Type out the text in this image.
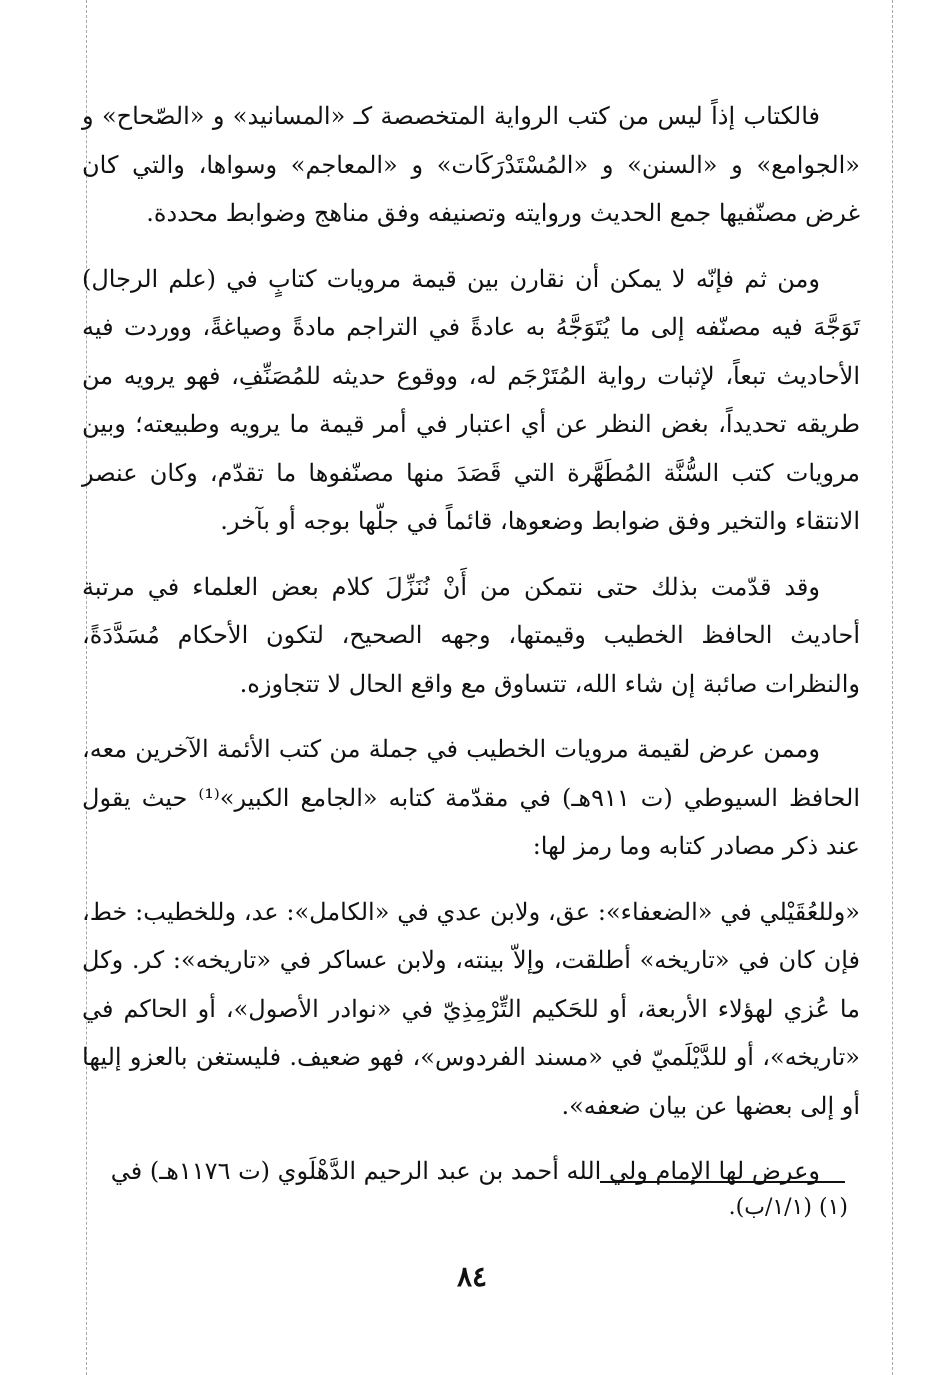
فالكتاب إذاً ليس من كتب الرواية المتخصصة كـ «المسانيد» و «الصّحاح» و «الجوامع» و «السنن» و «المُسْتَدْرَكَات» و «المعاجم» وسواها، والتي كان غرض مصنّفيها جمع الحديث وروايته وتصنيفه وفق مناهج وضوابط محددة.

ومن ثم فإنّه لا يمكن أن نقارن بين قيمة مرويات كتابٍ في (علم الرجال) تَوَجَّهَ فيه مصنّفه إلى ما يُتَوَجَّهُ به عادةً في التراجم مادةً وصياغةً، ووردت فيه الأحاديث تبعاً، لإثبات رواية المُتَرْجَم له، ووقوع حديثه للمُصَنِّفِ، فهو يرويه من طريقه تحديداً، بغض النظر عن أي اعتبار في أمر قيمة ما يرويه وطبيعته؛ وبين مرويات كتب السُّنَّة المُطَهَّرة التي قَصَدَ منها مصنّفوها ما تقدّم، وكان عنصر الانتقاء والتخير وفق ضوابط وضعوها، قائماً في جلّها بوجه أو بآخر.

وقد قدّمت بذلك حتى نتمكن من أَنْ نُنَزِّلَ كلام بعض العلماء في مرتبة أحاديث الحافظ الخطيب وقيمتها، وجهه الصحيح، لتكون الأحكام مُسَدَّدَةً، والنظرات صائبة إن شاء الله، تتساوق مع واقع الحال لا تتجاوزه.

وممن عرض لقيمة مرويات الخطيب في جملة من كتب الأئمة الآخرين معه، الحافظ السيوطي (ت ٩١١هـ) في مقدّمة كتابه «الجامع الكبير»⁽¹⁾ حيث يقول عند ذكر مصادر كتابه وما رمز لها:

«وللعُقَيْلي في «الضعفاء»: عق، ولابن عدي في «الكامل»: عد، وللخطيب: خط، فإن كان في «تاريخه» أطلقت، وإلاّ بينته، ولابن عساكر في «تاريخه»: كر. وكل ما عُزي لهؤلاء الأربعة، أو للحَكيم التِّرْمِذِيّ في «نوادر الأصول»، أو الحاكم في «تاريخه»، أو للدَّيْلَميّ في «مسند الفردوس»، فهو ضعيف. فليستغن بالعزو إليها أو إلى بعضها عن بيان ضعفه».

وعرض لها الإمام ولي الله أحمد بن عبد الرحيم الدَّهْلَوي (ت ١١٧٦هـ) في

(١) (١/١/ب).
٨٤
